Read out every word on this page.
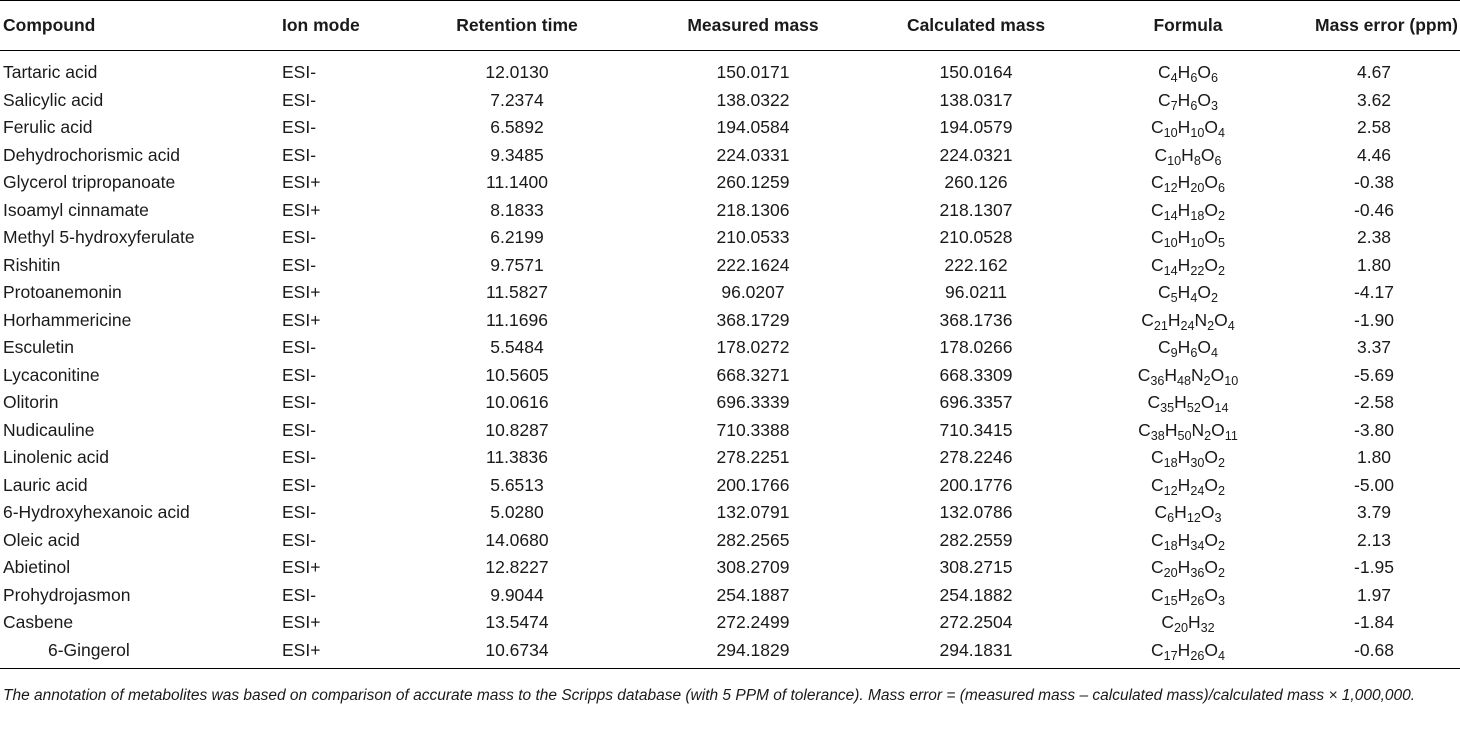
Compound	Ion mode	Retention time	Measured mass	Calculated mass	Formula	Mass error (ppm)
Tartaric acid	ESI-	12.0130	150.0171	150.0164	$C_4H_6O_6$	4.67
Salicylic acid	ESI-	7.2374	138.0322	138.0317	$C_7H_6O_3$	3.62
Ferulic acid	ESI-	6.5892	194.0584	194.0579	$C_{10}H_{10}O_4$	2.58
Dehydrochorismic acid	ESI-	9.3485	224.0331	224.0321	$C_{10}H_8O_6$	4.46
Glycerol tripropanoate	ESI+	11.1400	260.1259	260.126	$C_{12}H_{20}O_6$	-0.38
Isoamyl cinnamate	ESI+	8.1833	218.1306	218.1307	$C_{14}H_{18}O_2$	-0.46
Methyl 5-hydroxyferulate	ESI-	6.2199	210.0533	210.0528	$C_{10}H_{10}O_5$	2.38
Rishitin	ESI-	9.7571	222.1624	222.162	$C_{14}H_{22}O_2$	1.80
Protoanemonin	ESI+	11.5827	96.0207	96.0211	$C_5H_4O_2$	-4.17
Horhammericine	ESI+	11.1696	368.1729	368.1736	$C_{21}H_{24}N_2O_4$	-1.90
Esculetin	ESI-	5.5484	178.0272	178.0266	$C_9H_6O_4$	3.37
Lycaconitine	ESI-	10.5605	668.3271	668.3309	$C_{36}H_{48}N_2O_{10}$	-5.69
Olitorin	ESI-	10.0616	696.3339	696.3357	$C_{35}H_{52}O_{14}$	-2.58
Nudicauline	ESI-	10.8287	710.3388	710.3415	$C_{38}H_{50}N_2O_{11}$	-3.80
Linolenic acid	ESI-	11.3836	278.2251	278.2246	$C_{18}H_{30}O_2$	1.80
Lauric acid	ESI-	5.6513	200.1766	200.1776	$C_{12}H_{24}O_2$	-5.00
6-Hydroxyhexanoic acid	ESI-	5.0280	132.0791	132.0786	$C_6H_{12}O_3$	3.79
Oleic acid	ESI-	14.0680	282.2565	282.2559	$C_{18}H_{34}O_2$	2.13
Abietinol	ESI+	12.8227	308.2709	308.2715	$C_{20}H_{36}O_2$	-1.95
Prohydrojasmon	ESI-	9.9044	254.1887	254.1882	$C_{15}H_{26}O_3$	1.97
Casbene	ESI+	13.5474	272.2499	272.2504	$C_{20}H_{32}$	-1.84
6-Gingerol	ESI+	10.6734	294.1829	294.1831	$C_{17}H_{26}O_4$	-0.68
The annotation of metabolites was based on comparison of accurate mass to the Scripps database (with 5 PPM of tolerance). Mass error = (measured mass – calculated mass)/calculated mass × 1,000,000.
